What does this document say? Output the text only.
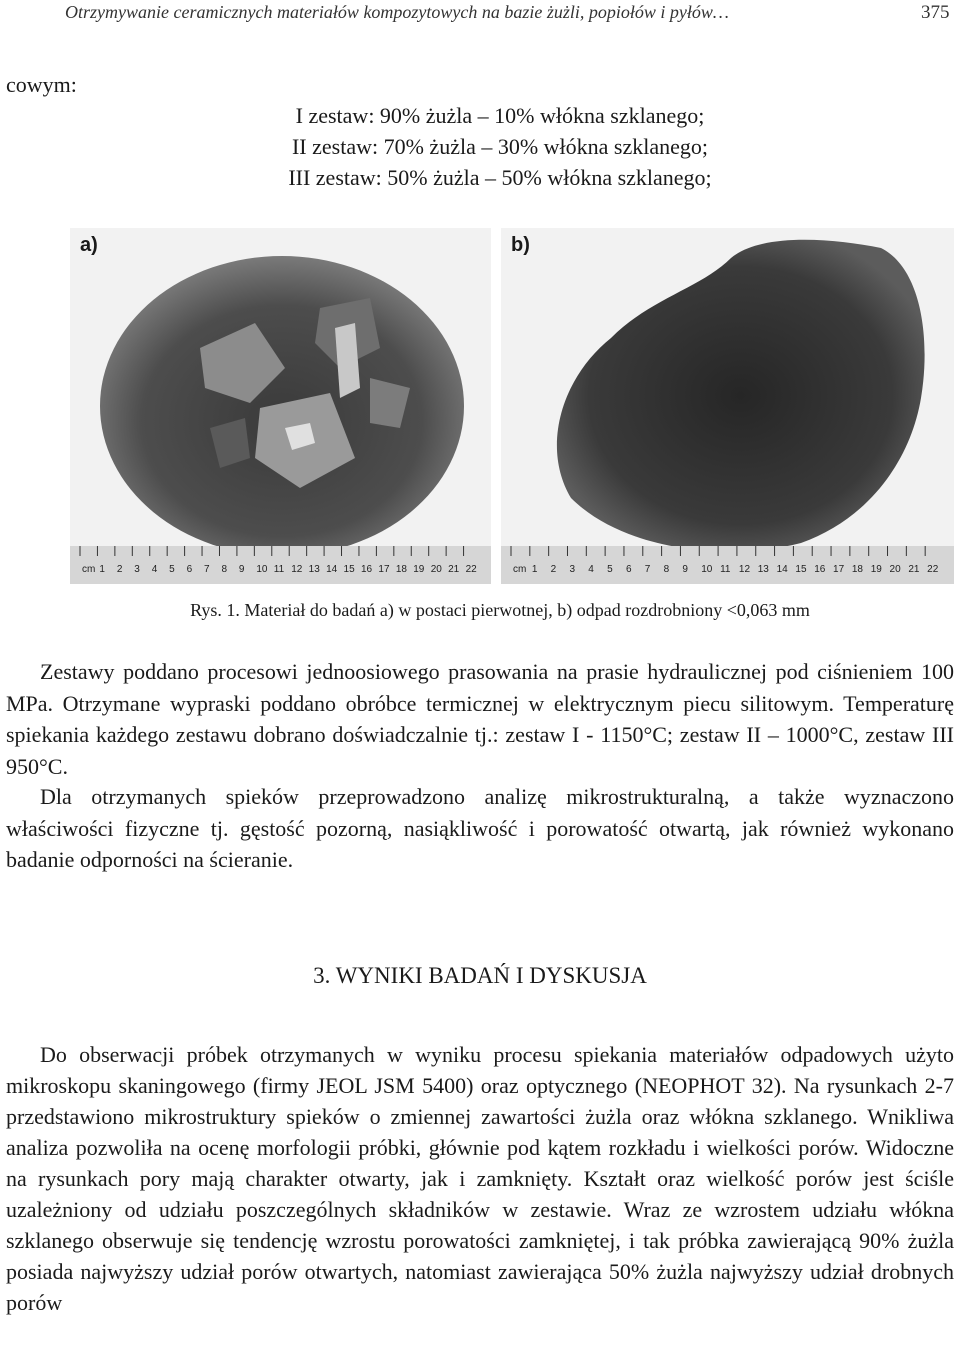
Otrzymywanie ceramicznych materiałów kompozytowych na bazie żużli, popiołów i pyłów…	375
cowym:
I zestaw: 90% żużla – 10% włókna szklanego;
II zestaw: 70% żużla – 30% włókna szklanego;
III zestaw: 50% żużla – 50% włókna szklanego;
cm 1 2 3 4 5 6 7 8 9 10 11 12 13 14 15 16 17 18 19 20 21 22
a)
cm 1 2 3 4 5 6 7 8 9 10 11 12 13 14 15 16 17 18 19 20 21 22
b)
Rys. 1. Materiał do badań a) w postaci pierwotnej, b) odpad rozdrobniony <0,063 mm

Zestawy poddano procesowi jednoosiowego prasowania na prasie hydraulicznej pod ciśnieniem 100 MPa. Otrzymane wypraski poddano obróbce termicznej w elektrycznym piecu silitowym. Temperaturę spiekania każdego zestawu dobrano doświadczalnie tj.: zestaw I - 1150°C; zestaw II – 1000°C, zestaw III 950°C.

Dla otrzymanych spieków przeprowadzono analizę mikrostrukturalną, a także wyznaczono właściwości fizyczne tj. gęstość pozorną, nasiąkliwość i porowatość otwartą, jak również wykonano badanie odporności na ścieranie.

3. WYNIKI BADAŃ I DYSKUSJA

Do obserwacji próbek otrzymanych w wyniku procesu spiekania materiałów odpadowych użyto mikroskopu skaningowego (firmy JEOL JSM 5400) oraz optycznego (NEOPHOT 32). Na rysunkach 2-7 przedstawiono mikrostruktury spieków o zmiennej zawartości żużla oraz włókna szklanego. Wnikliwa analiza pozwoliła na ocenę morfologii próbki, głównie pod kątem rozkładu i wielkości porów. Widoczne na rysunkach pory mają charakter otwarty, jak i zamknięty. Kształt oraz wielkość porów jest ściśle uzależniony od udziału poszczególnych składników w zestawie. Wraz ze wzrostem udziału włókna szklanego obserwuje się tendencję wzrostu porowatości zamkniętej, i tak próbka zawierającą 90% żużla posiada najwyższy udział porów otwartych, natomiast zawierająca 50% żużla najwyższy udział drobnych porów
